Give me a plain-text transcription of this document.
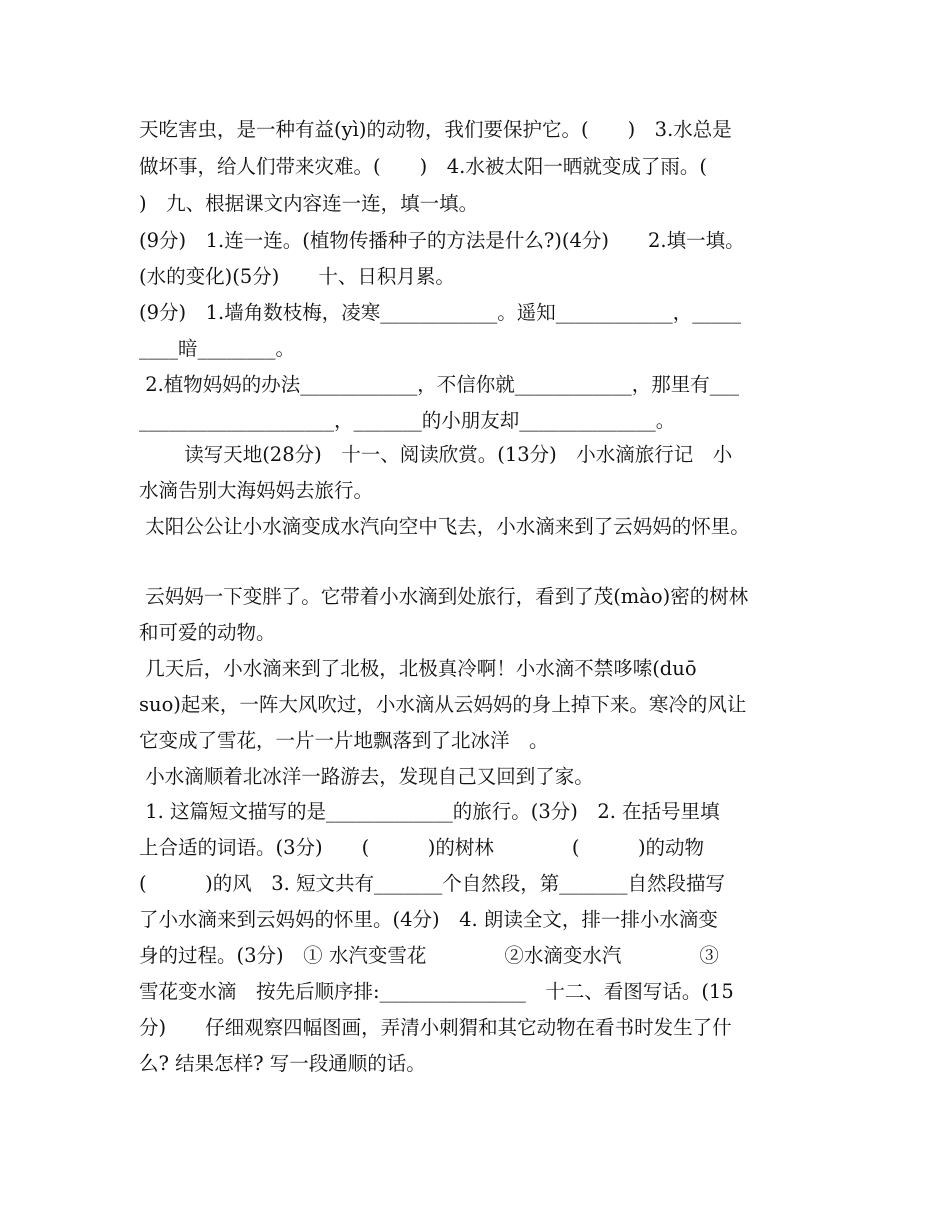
天吃害虫，是一种有益(yì)的动物，我们要保护它。(　　)　3.水总是
做坏事，给人们带来灾难。(　　)　4.水被太阳一晒就变成了雨。(
)　九、根据课文内容连一连，填一填。
(9分)　1.连一连。(植物传播种子的方法是什么?)(4分)　　2.填一填。
(水的变化)(5分)　　十、日积月累。
(9分)　1.墙角数枝梅，凌寒____________。遥知____________，_____
____暗________。
2.植物妈妈的办法____________，不信你就____________，那里有___
____________________，_______的小朋友却______________。
　　 读写天地(28分)　十一、阅读欣赏。(13分)　小水滴旅行记　小
水滴告别大海妈妈去旅行。
太阳公公让小水滴变成水汽向空中飞去，小水滴来到了云妈妈的怀里。
云妈妈一下变胖了。它带着小水滴到处旅行，看到了茂(mào)密的树林
和可爱的动物。
几天后，小水滴来到了北极，北极真冷啊！小水滴不禁哆嗦(duō
suo)起来，一阵大风吹过，小水滴从云妈妈的身上掉下来。寒冷的风让
它变成了雪花，一片一片地飘落到了北冰洋　。
小水滴顺着北冰洋一路游去，发现自己又回到了家。
1. 这篇短文描写的是_____________的旅行。(3分)　2. 在括号里填
上合适的词语。(3分)　　(　　　)的树林　　　　(　　　)的动物
(　　　)的风　3. 短文共有_______个自然段，第_______自然段描写
了小水滴来到云妈妈的怀里。(4分)　4. 朗读全文，排一排小水滴变
身的过程。(3分)　① 水汽变雪花　　　　②水滴变水汽　　　　③
雪花变水滴　按先后顺序排:_______________　十二、看图写话。(15
分)　　仔细观察四幅图画，弄清小刺猬和其它动物在看书时发生了什
么? 结果怎样? 写一段通顺的话。
